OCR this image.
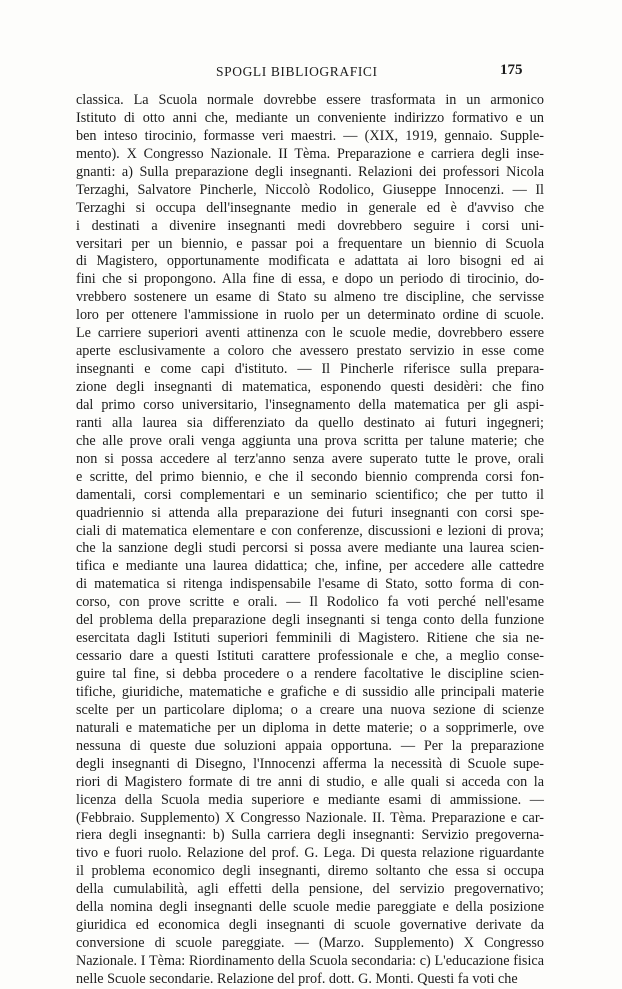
SPOGLI BIBLIOGRAFICI	175
classica. La Scuola normale dovrebbe essere trasformata in un armonico
Istituto di otto anni che, mediante un conveniente indirizzo formativo e un
ben inteso tirocinio, formasse veri maestri. — (XIX, 1919, gennaio. Supple-
mento). X Congresso Nazionale. II Tèma. Preparazione e carriera degli inse-
gnanti: a) Sulla preparazione degli insegnanti. Relazioni dei professori Nicola
Terzaghi, Salvatore Pincherle, Niccolò Rodolico, Giuseppe Innocenzi. — Il
Terzaghi si occupa dell'insegnante medio in generale ed è d'avviso che
i destinati a divenire insegnanti medi dovrebbero seguire i corsi uni-
versitari per un biennio, e passar poi a frequentare un biennio di Scuola
di Magistero, opportunamente modificata e adattata ai loro bisogni ed ai
fini che si propongono. Alla fine di essa, e dopo un periodo di tirocinio, do-
vrebbero sostenere un esame di Stato su almeno tre discipline, che servisse
loro per ottenere l'ammissione in ruolo per un determinato ordine di scuole.
Le carriere superiori aventi attinenza con le scuole medie, dovrebbero essere
aperte esclusivamente a coloro che avessero prestato servizio in esse come
insegnanti e come capi d'istituto. — Il Pincherle riferisce sulla prepara-
zione degli insegnanti di matematica, esponendo questi desidèri: che fino
dal primo corso universitario, l'insegnamento della matematica per gli aspi-
ranti alla laurea sia differenziato da quello destinato ai futuri ingegneri;
che alle prove orali venga aggiunta una prova scritta per talune materie; che
non si possa accedere al terz'anno senza avere superato tutte le prove, orali
e scritte, del primo biennio, e che il secondo biennio comprenda corsi fon-
damentali, corsi complementari e un seminario scientifico; che per tutto il
quadriennio si attenda alla preparazione dei futuri insegnanti con corsi spe-
ciali di matematica elementare e con conferenze, discussioni e lezioni di prova;
che la sanzione degli studi percorsi si possa avere mediante una laurea scien-
tifica e mediante una laurea didattica; che, infine, per accedere alle cattedre
di matematica si ritenga indispensabile l'esame di Stato, sotto forma di con-
corso, con prove scritte e orali. — Il Rodolico fa voti perché nell'esame
del problema della preparazione degli insegnanti si tenga conto della funzione
esercitata dagli Istituti superiori femminili di Magistero. Ritiene che sia ne-
cessario dare a questi Istituti carattere professionale e che, a meglio conse-
guire tal fine, si debba procedere o a rendere facoltative le discipline scien-
tifiche, giuridiche, matematiche e grafiche e di sussidio alle principali materie
scelte per un particolare diploma; o a creare una nuova sezione di scienze
naturali e matematiche per un diploma in dette materie; o a sopprimerle, ove
nessuna di queste due soluzioni appaia opportuna. — Per la preparazione
degli insegnanti di Disegno, l'Innocenzi afferma la necessità di Scuole supe-
riori di Magistero formate di tre anni di studio, e alle quali si acceda con la
licenza della Scuola media superiore e mediante esami di ammissione. —
(Febbraio. Supplemento) X Congresso Nazionale. II. Tèma. Preparazione e car-
riera degli insegnanti: b) Sulla carriera degli insegnanti: Servizio pregoverna-
tivo e fuori ruolo. Relazione del prof. G. Lega. Di questa relazione riguardante
il problema economico degli insegnanti, diremo soltanto che essa si occupa
della cumulabilità, agli effetti della pensione, del servizio pregovernativo;
della nomina degli insegnanti delle scuole medie pareggiate e della posizione
giuridica ed economica degli insegnanti di scuole governative derivate da
conversione di scuole pareggiate. — (Marzo. Supplemento) X Congresso
Nazionale. I Tèma: Riordinamento della Scuola secondaria: c) L'educazione fisica
nelle Scuole secondarie. Relazione del prof. dott. G. Monti. Questi fa voti che
